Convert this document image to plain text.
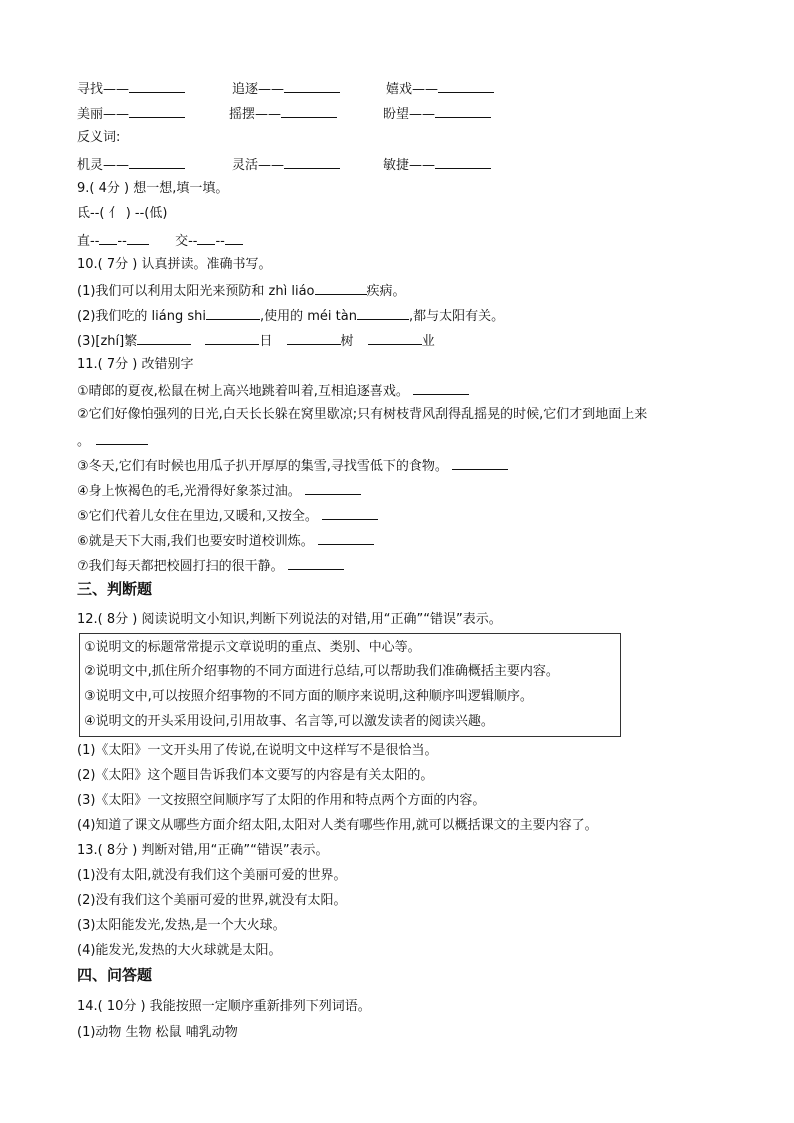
寻找——	追逐——	嬉戏——
美丽——	摇摆——	盼望——
反义词:
机灵——	灵活——	敏捷——
9.( 4分 ) 想一想,填一填。
氐--( 亻 ) --(低)
直-- --	交-- --
10.( 7分 ) 认真拼读。准确书写。
(1)我们可以利用太阳光来预防和 zhì liáo	疾病。
(2)我们吃的 liáng shi	,使用的 méi tàn	,都与太阳有关。
(3)[zhí]繁	日	树	业
11.( 7分 ) 改错别字
①晴郎的夏夜,松鼠在树上高兴地跳着叫着,互相追逐喜戏。
②它们好像怕强列的日光,白天长长躲在窝里歇凉;只有树枝背风刮得乱摇晃的时候,它们才到地面上来
。
③冬天,它们有时候也用瓜子扒开厚厚的集雪,寻找雪低下的食物。
④身上恢褐色的毛,光滑得好象茶过油。
⑤它们代着儿女住在里边,又暖和,又按全。
⑥就是天下大雨,我们也要安时道校训炼。
⑦我们每天都把校圆打扫的很干静。
三、判断题
12.( 8分 ) 阅读说明文小知识,判断下列说法的对错,用“正确”“错误”表示。
①说明文的标题常常提示文章说明的重点、类别、中心等。
②说明文中,抓住所介绍事物的不同方面进行总结,可以帮助我们准确概括主要内容。
③说明文中,可以按照介绍事物的不同方面的顺序来说明,这种顺序叫逻辑顺序。
④说明文的开头采用设问,引用故事、名言等,可以激发读者的阅读兴趣。
(1)《太阳》一文开头用了传说,在说明文中这样写不是很恰当。
(2)《太阳》这个题目告诉我们本文要写的内容是有关太阳的。
(3)《太阳》一文按照空间顺序写了太阳的作用和特点两个方面的内容。
(4)知道了课文从哪些方面介绍太阳,太阳对人类有哪些作用,就可以概括课文的主要内容了。
13.( 8分 ) 判断对错,用“正确”“错误”表示。
(1)没有太阳,就没有我们这个美丽可爱的世界。
(2)没有我们这个美丽可爱的世界,就没有太阳。
(3)太阳能发光,发热,是一个大火球。
(4)能发光,发热的大火球就是太阳。
四、问答题
14.( 10分 ) 我能按照一定顺序重新排列下列词语。
(1)动物 生物 松鼠 哺乳动物
